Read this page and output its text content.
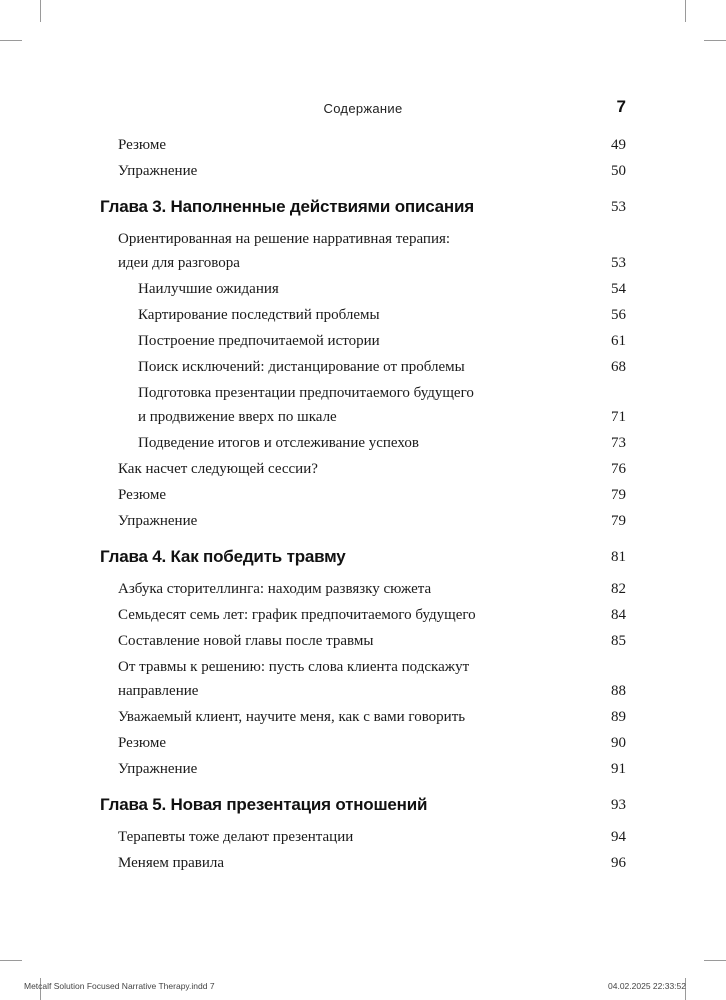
Содержание	7
Резюме	49
Упражнение	50
Глава 3. Наполненные действиями описания	53
Ориентированная на решение нарративная терапия:
идеи для разговора	53
Наилучшие ожидания	54
Картирование последствий проблемы	56
Построение предпочитаемой истории	61
Поиск исключений: дистанцирование от проблемы	68
Подготовка презентации предпочитаемого будущего
и продвижение вверх по шкале	71
Подведение итогов и отслеживание успехов	73
Как насчет следующей сессии?	76
Резюме	79
Упражнение	79
Глава 4. Как победить травму	81
Азбука сторителлинга: находим развязку сюжета	82
Семьдесят семь лет: график предпочитаемого будущего	84
Составление новой главы после травмы	85
От травмы к решению: пусть слова клиента подскажут
направление	88
Уважаемый клиент, научите меня, как с вами говорить	89
Резюме	90
Упражнение	91
Глава 5. Новая презентация отношений	93
Терапевты тоже делают презентации	94
Меняем правила	96
Metcalf Solution Focused Narrative Therapy.indd 7	04.02.2025 22:33:52
